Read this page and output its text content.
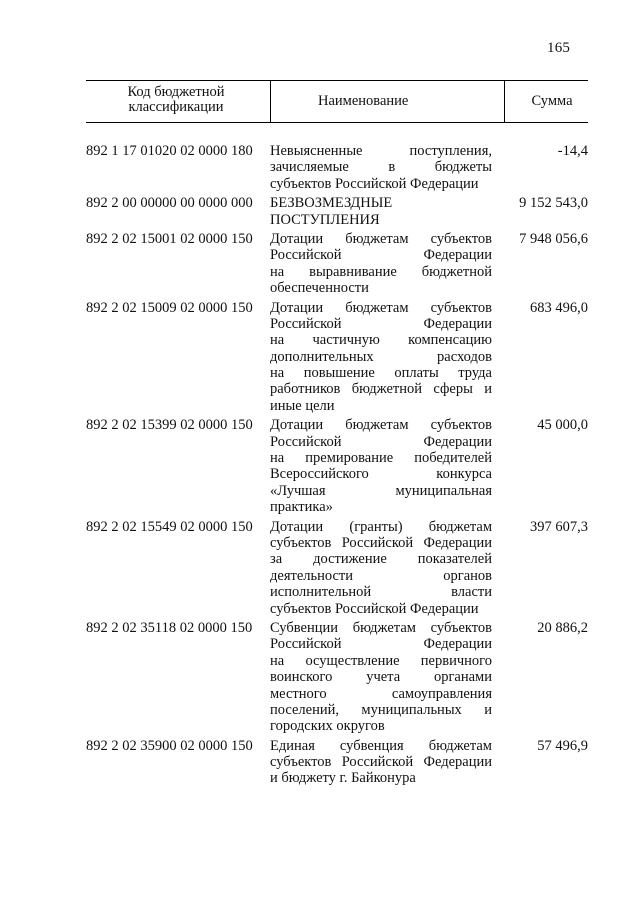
165
Код бюджетной
классификации	Наименование	Сумма
892 1 17 01020 02 0000 180 Невыясненные поступления,
зачисляемые в бюджеты
субъектов Российской Федерации
-14,4
892 2 00 00000 00 0000 000 БЕЗВОЗМЕЗДНЫЕ
ПОСТУПЛЕНИЯ
9 152 543,0
892 2 02 15001 02 0000 150 Дотации бюджетам субъектов
Российской Федерации
на выравнивание бюджетной
обеспеченности
7 948 056,6
892 2 02 15009 02 0000 150 Дотации бюджетам субъектов
Российской Федерации
на частичную компенсацию
дополнительных расходов
на повышение оплаты труда
работников бюджетной сферы и
иные цели
683 496,0
892 2 02 15399 02 0000 150 Дотации бюджетам субъектов
Российской Федерации
на премирование победителей
Всероссийского конкурса
«Лучшая муниципальная
практика»
45 000,0
892 2 02 15549 02 0000 150 Дотации (гранты) бюджетам
субъектов Российской Федерации
за достижение показателей
деятельности органов
исполнительной власти
субъектов Российской Федерации
397 607,3
892 2 02 35118 02 0000 150 Субвенции бюджетам субъектов
Российской Федерации
на осуществление первичного
воинского учета органами
местного самоуправления
поселений, муниципальных и
городских округов
20 886,2
892 2 02 35900 02 0000 150 Единая субвенция бюджетам
субъектов Российской Федерации
и бюджету г. Байконура
57 496,9
